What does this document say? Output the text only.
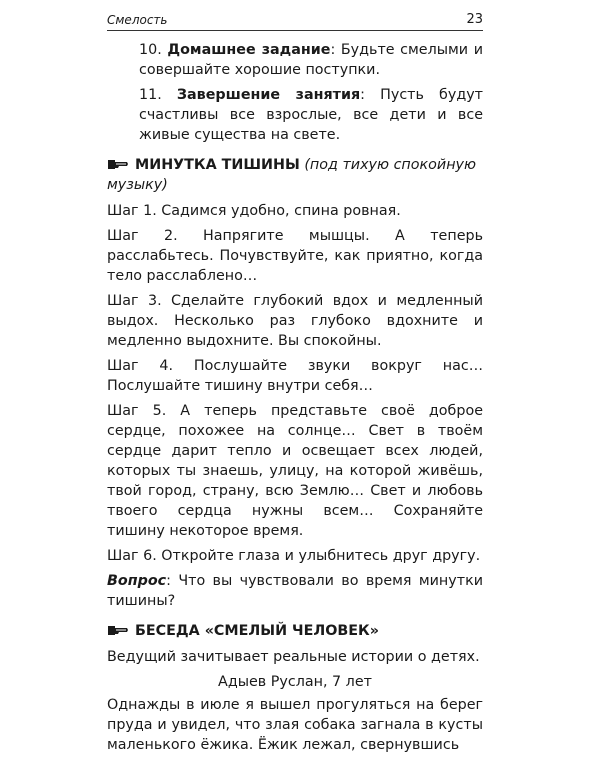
Смелость	23

10. Домашнее задание: Будьте смелыми и совершайте хорошие поступки.

11. Завершение занятия: Пусть будут счастливы все взрослые, все дети и все живые существа на свете.

МИНУТКА ТИШИНЫ (под тихую спокойную музыку)

Шаг 1. Садимся удобно, спина ровная.

Шаг 2. Напрягите мышцы. А теперь расслабьтесь. Почувствуйте, как приятно, когда тело расслаблено…

Шаг 3. Сделайте глубокий вдох и медленный выдох. Несколько раз глубоко вдохните и медленно выдохните. Вы спокойны.

Шаг 4. Послушайте звуки вокруг нас… Послушайте тишину внутри себя…

Шаг 5. А теперь представьте своё доброе сердце, похожее на солнце… Свет в твоём сердце дарит тепло и освещает всех людей, которых ты знаешь, улицу, на которой живёшь, твой город, страну, всю Землю… Свет и любовь твоего сердца нужны всем… Сохраняйте тишину некоторое время.

Шаг 6. Откройте глаза и улыбнитесь друг другу.

Вопрос: Что вы чувствовали во время минутки тишины?

БЕСЕДА «СМЕЛЫЙ ЧЕЛОВЕК»

Ведущий зачитывает реальные истории о детях.

Адыев Руслан, 7 лет

Однажды в июле я вышел прогуляться на берег пруда и увидел, что злая собака загнала в кусты маленького ёжика. Ёжик лежал, свернувшись
